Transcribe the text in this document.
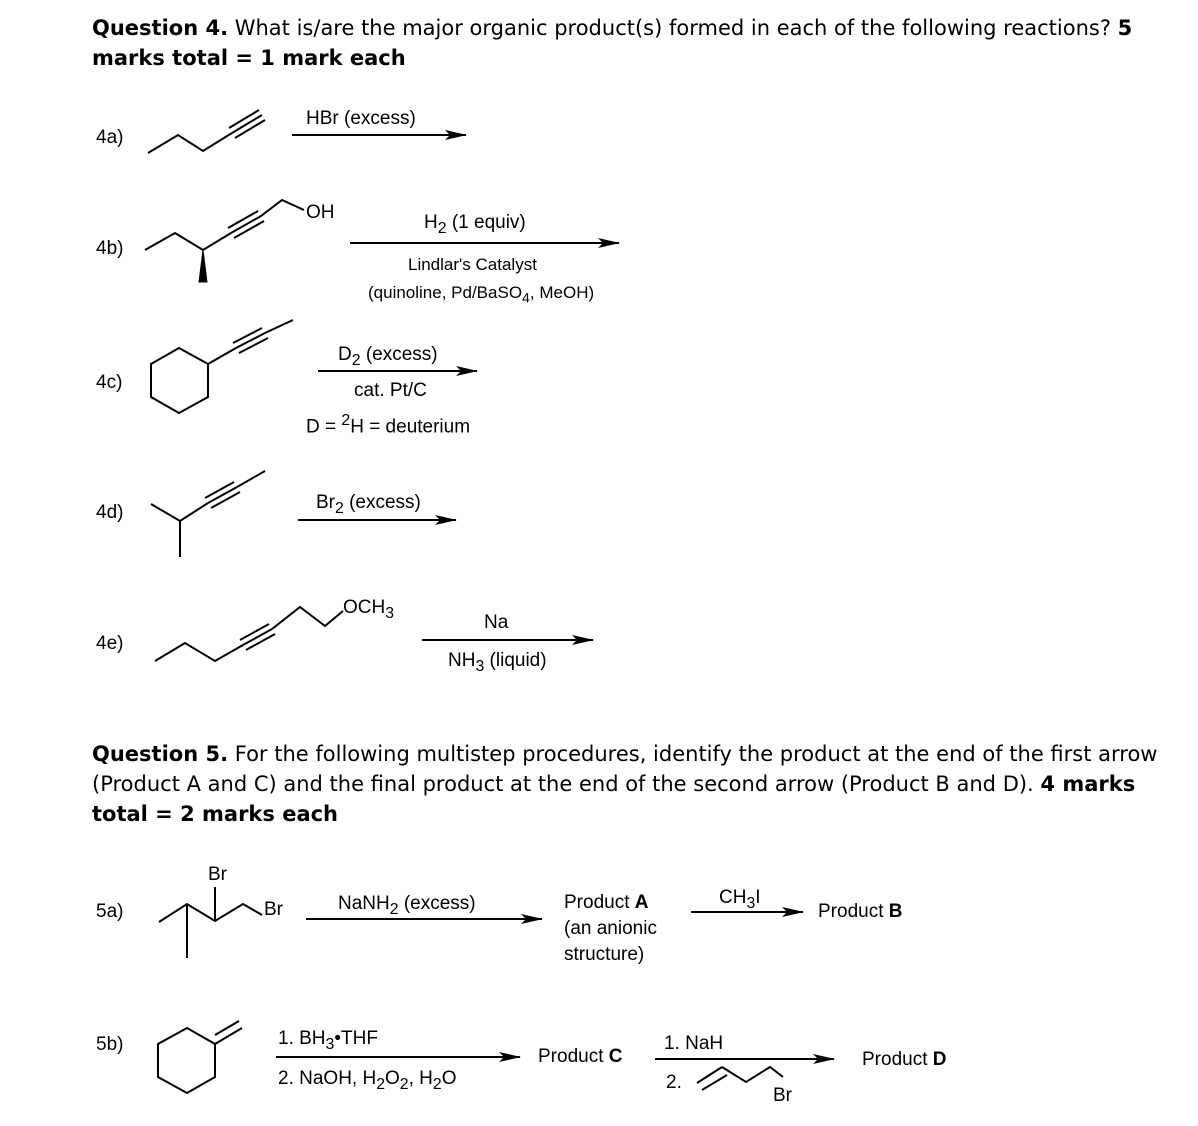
Question 4. What is/are the major organic product(s) formed in each of the following reactions? 5 marks total = 1 mark each
Question 5. For the following multistep procedures, identify the product at the end of the first arrow (Product A and C) and the final product at the end of the second arrow (Product B and D). 4 marks total = 2 marks each
4a)
4b)
4c)
4d)
4e)
5a)
5b)
HBr (excess)
OH	$H_2$ (1 equiv)
Lindlar's Catalyst
(quinoline, Pd/BaSO$_4$, MeOH)
$D_2$ (excess)
cat. Pt/C
D = $^2$H = deuterium
$Br_2$ (excess)
$OCH_3$	Na
$NH_3$ (liquid)
Br
Br	NaNH$_2$ (excess)	Product A
(an anionic
structure)
$CH_3I$
Product B
1. $BH_3•THF$
2. NaOH, $H_2O_2$, $H_2O$
Product C
1. NaH
2.
Br
Product D
